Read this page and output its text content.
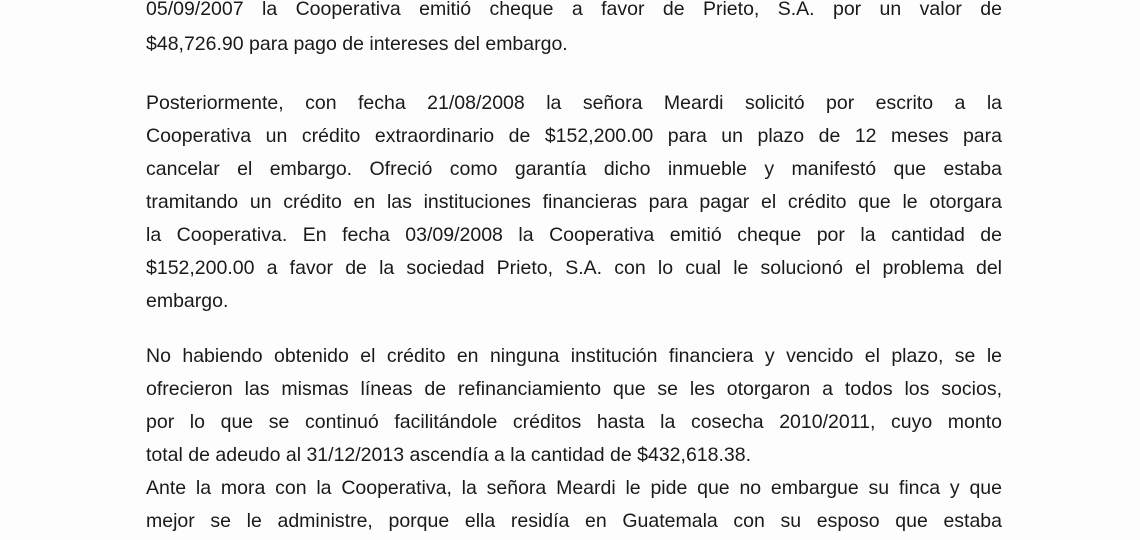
05/09/2007 la Cooperativa emitió cheque a favor de Prieto, S.A. por un valor de
$48,726.90 para pago de intereses del embargo.
Posteriormente, con fecha 21/08/2008 la señora Meardi solicitó por escrito a la
Cooperativa un crédito extraordinario de $152,200.00 para un plazo de 12 meses para
cancelar el embargo. Ofreció como garantía dicho inmueble y manifestó que estaba
tramitando un crédito en las instituciones financieras para pagar el crédito que le otorgara
la Cooperativa. En fecha 03/09/2008 la Cooperativa emitió cheque por la cantidad de
$152,200.00 a favor de la sociedad Prieto, S.A. con lo cual le solucionó el problema del
embargo.
No habiendo obtenido el crédito en ninguna institución financiera y vencido el plazo, se le
ofrecieron las mismas líneas de refinanciamiento que se les otorgaron a todos los socios,
por lo que se continuó facilitándole créditos hasta la cosecha 2010/2011, cuyo monto
total de adeudo al 31/12/2013 ascendía a la cantidad de $432,618.38.
Ante la mora con la Cooperativa, la señora Meardi le pide que no embargue su finca y que
mejor se le administre, porque ella residía en Guatemala con su esposo que estaba
